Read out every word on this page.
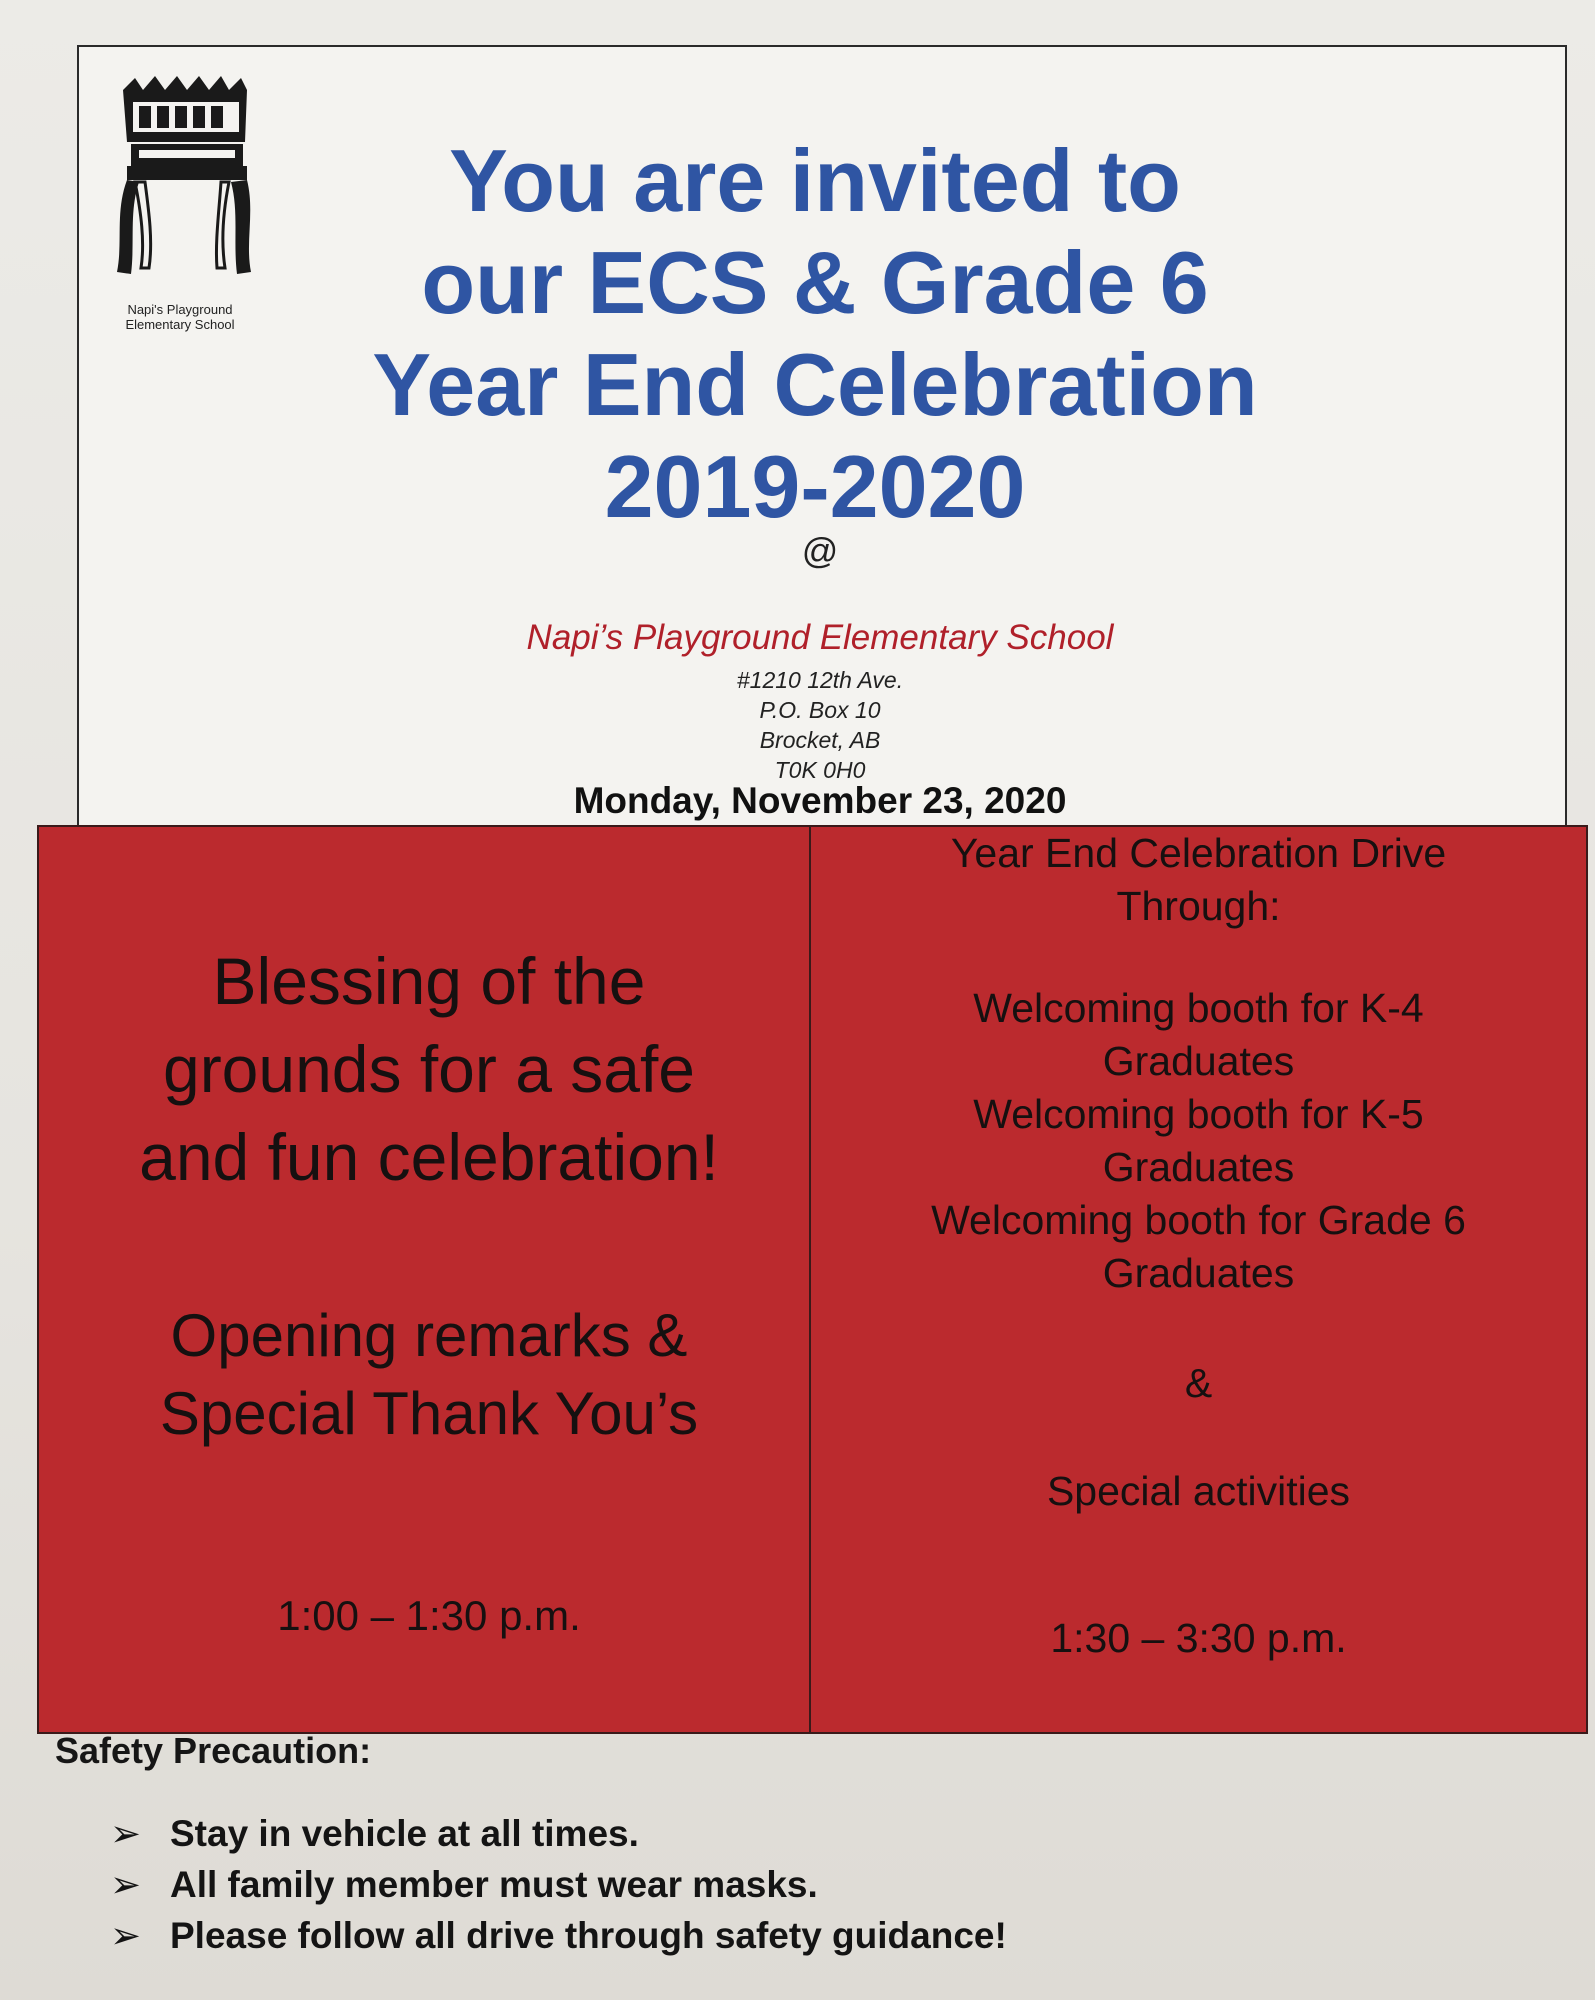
Napi's Playground
Elementary School
You are invited to
our ECS & Grade 6
Year End Celebration
2019-2020
@
Napi’s Playground Elementary School
#1210 12th Ave.
P.O. Box 10
Brocket, AB
T0K 0H0
Monday, November 23, 2020
Blessing of the
grounds for a safe
and fun celebration!
Opening remarks &
Special Thank You’s
1:00 – 1:30 p.m.
Year End Celebration Drive
Through:
Welcoming booth for K-4
Graduates
Welcoming booth for K-5
Graduates
Welcoming booth for Grade 6
Graduates
&
Special activities
1:30 – 3:30 p.m.
Safety Precaution:
➢ Stay in vehicle at all times.
➢ All family member must wear masks.
➢ Please follow all drive through safety guidance!
